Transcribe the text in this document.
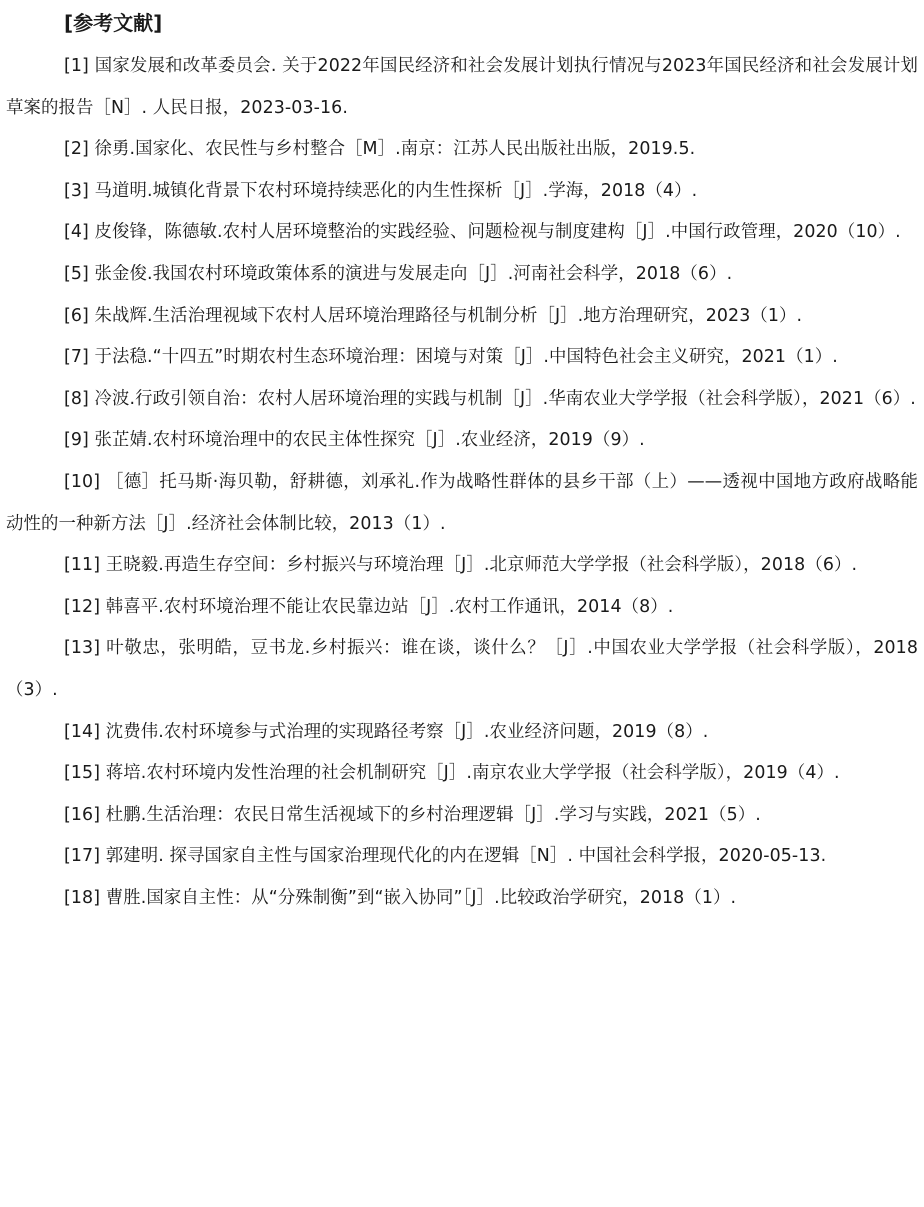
[参考文献]
[1] 国家发展和改革委员会. 关于2022年国民经济和社会发展计划执行情况与2023年国民经济和社会发展计划草案的报告［N］. 人民日报，2023-03-16.
[2] 徐勇.国家化、农民性与乡村整合［M］.南京：江苏人民出版社出版，2019.5.
[3] 马道明.城镇化背景下农村环境持续恶化的内生性探析［J］.学海，2018（4）.
[4] 皮俊锋，陈德敏.农村人居环境整治的实践经验、问题检视与制度建构［J］.中国行政管理，2020（10）.
[5] 张金俊.我国农村环境政策体系的演进与发展走向［J］.河南社会科学，2018（6）.
[6] 朱战辉.生活治理视域下农村人居环境治理路径与机制分析［J］.地方治理研究，2023（1）.
[7] 于法稳.“十四五”时期农村生态环境治理：困境与对策［J］.中国特色社会主义研究，2021（1）.
[8] 冷波.行政引领自治：农村人居环境治理的实践与机制［J］.华南农业大学学报（社会科学版），2021（6）.
[9] 张芷婧.农村环境治理中的农民主体性探究［J］.农业经济，2019（9）.
[10] ［德］托马斯·海贝勒，舒耕德，刘承礼.作为战略性群体的县乡干部（上）——透视中国地方政府战略能动性的一种新方法［J］.经济社会体制比较，2013（1）.
[11] 王晓毅.再造生存空间：乡村振兴与环境治理［J］.北京师范大学学报（社会科学版），2018（6）.
[12] 韩喜平.农村环境治理不能让农民靠边站［J］.农村工作通讯，2014（8）.
[13] 叶敬忠，张明皓，豆书龙.乡村振兴：谁在谈，谈什么？［J］.中国农业大学学报（社会科学版），2018（3）.
[14] 沈费伟.农村环境参与式治理的实现路径考察［J］.农业经济问题，2019（8）.
[15] 蒋培.农村环境内发性治理的社会机制研究［J］.南京农业大学学报（社会科学版），2019（4）.
[16] 杜鹏.生活治理：农民日常生活视域下的乡村治理逻辑［J］.学习与实践，2021（5）.
[17] 郭建明. 探寻国家自主性与国家治理现代化的内在逻辑［N］. 中国社会科学报，2020-05-13.
[18] 曹胜.国家自主性：从“分殊制衡”到“嵌入协同”［J］.比较政治学研究，2018（1）.
